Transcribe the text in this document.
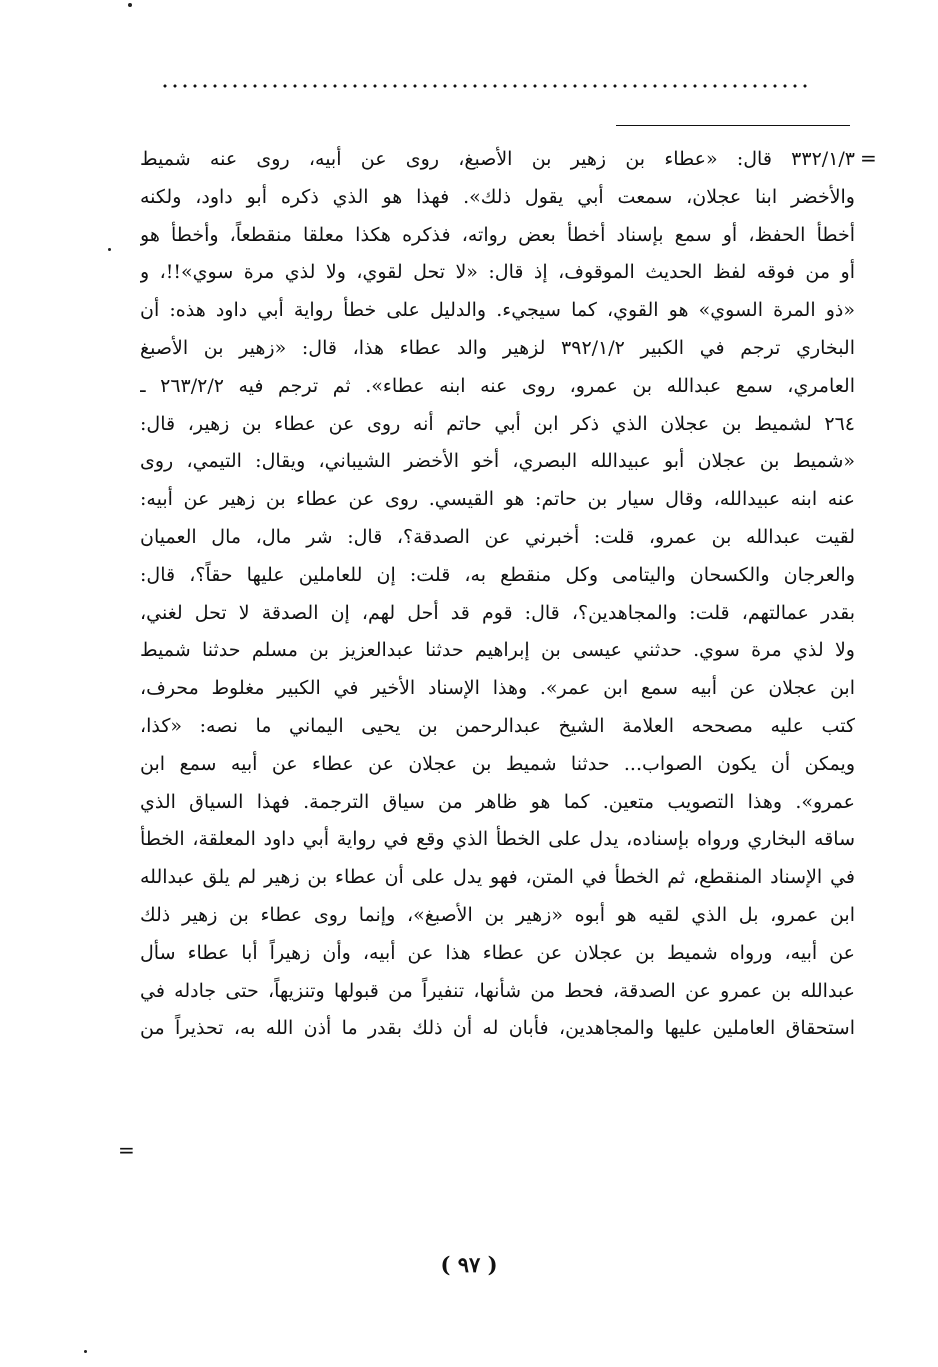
=
=
٣٣٢/١/٣ قال: «عطاء بن زهير بن الأصبغ، روى عن أبيه، روى عنه شميط
والأخضر ابنا عجلان، سمعت أبي يقول ذلك». فهذا هو الذي ذكره أبو داود، ولكنه
أخطأ الحفظ، أو سمع بإسناد أخطأ بعض رواته، فذكره هكذا معلقا منقطعاً، وأخطأ هو
أو من فوقه لفظ الحديث الموقوف، إذ قال: «لا تحل لقوي، ولا لذي مرة سوي»!!، و
«ذو المرة السوي» هو القوي، كما سيجيء. والدليل على خطأ رواية أبي داود هذه: أن
البخاري ترجم في الكبير ٣٩٢/١/٢ لزهير والد عطاء هذا، قال: «زهير بن الأصبغ
العامري، سمع عبدالله بن عمرو، روى عنه ابنه عطاء». ثم ترجم فيه ٢٦٣/٢/٢ ـ
٢٦٤ لشميط بن عجلان الذي ذكر ابن أبي حاتم أنه روى عن عطاء بن زهير، قال:
«شميط بن عجلان أبو عبيدالله البصري، أخو الأخضر الشيباني، ويقال: التيمي، روى
عنه ابنه عبيدالله، وقال سيار بن حاتم: هو القيسي. روى عن عطاء بن زهير عن أبيه:
لقيت عبدالله بن عمرو، قلت: أخبرني عن الصدقة؟، قال: شر مال، مال العميان
والعرجان والكسحان واليتامى وكل منقطع به، قلت: إن للعاملين عليها حقاً؟، قال:
بقدر عمالتهم، قلت: والمجاهدين؟، قال: قوم قد أحل لهم، إن الصدقة لا تحل لغني،
ولا لذي مرة سوي. حدثني عيسى بن إبراهيم حدثنا عبدالعزيز بن مسلم حدثنا شميط
ابن عجلان عن أبيه سمع ابن عمر». وهذا الإسناد الأخير في الكبير مغلوط محرف،
كتب عليه مصححه العلامة الشيخ عبدالرحمن بن يحيى اليماني ما نصه: «كذا،
ويمكن أن يكون الصواب... حدثنا شميط بن عجلان عن عطاء عن أبيه سمع ابن
عمرو». وهذا التصويب متعين. كما هو ظاهر من سياق الترجمة. فهذا السياق الذي
ساقه البخاري ورواه بإسناده، يدل على الخطأ الذي وقع في رواية أبي داود المعلقة، الخطأ
في الإسناد المنقطع، ثم الخطأ في المتن، فهو يدل على أن عطاء بن زهير لم يلق عبدالله
ابن عمرو، بل الذي لقيه هو أبوه «زهير بن الأصبغ»، وإنما روى عطاء بن زهير ذلك
عن أبيه، ورواه شميط بن عجلان عن عطاء هذا عن أبيه، وأن زهيراً أبا عطاء سأل
عبدالله بن عمرو عن الصدقة، فحط من شأنها، تنفيراً من قبولها وتنزيهاً، حتى جادله في
استحقاق العاملين عليها والمجاهدين، فأبان له أن ذلك بقدر ما أذن الله به، تحذيراً من
( ٩٧ )
